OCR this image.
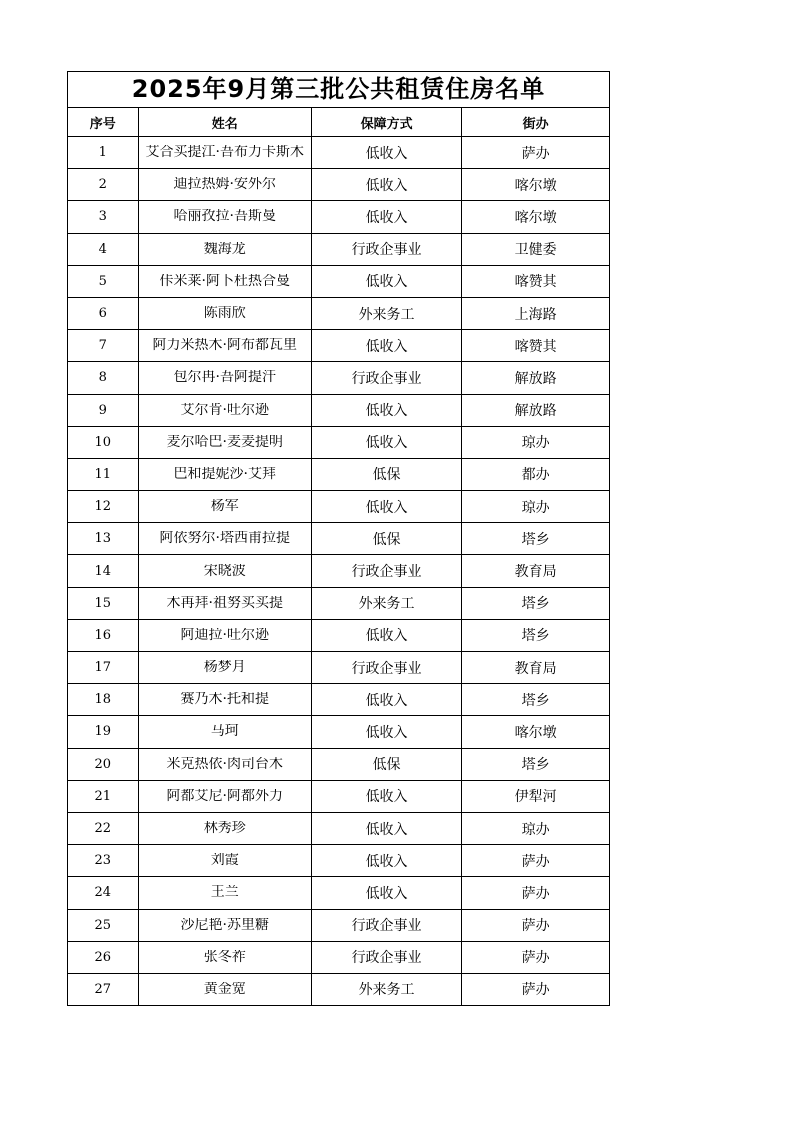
2025年9月第三批公共租赁住房名单
序号	姓名	保障方式	街办
1	艾合买提江·吾布力卡斯木	低收入	萨办
2	迪拉热姆·安外尔	低收入	喀尔墩
3	哈丽孜拉·吾斯曼	低收入	喀尔墩
4	魏海龙	行政企事业	卫健委
5	佧米莱·阿卜杜热合曼	低收入	喀赞其
6	陈雨欣	外来务工	上海路
7	阿力米热木·阿布都瓦里	低收入	喀赞其
8	包尔冉·吾阿提汗	行政企事业	解放路
9	艾尔肯·吐尔逊	低收入	解放路
10	麦尔哈巴·麦麦提明	低收入	琼办
11	巴和提妮沙·艾拜	低保	都办
12	杨军	低收入	琼办
13	阿依努尔·塔西甫拉提	低保	塔乡
14	宋晓波	行政企事业	教育局
15	木再拜·祖努买买提	外来务工	塔乡
16	阿迪拉·吐尔逊	低收入	塔乡
17	杨梦月	行政企事业	教育局
18	赛乃木·托和提	低收入	塔乡
19	马珂	低收入	喀尔墩
20	米克热依·肉司台木	低保	塔乡
21	阿都艾尼·阿都外力	低收入	伊犁河
22	林秀珍	低收入	琼办
23	刘霞	低收入	萨办
24	王兰	低收入	萨办
25	沙尼艳·苏里糖	行政企事业	萨办
26	张冬祚	行政企事业	萨办
27	黄金宽	外来务工	萨办
